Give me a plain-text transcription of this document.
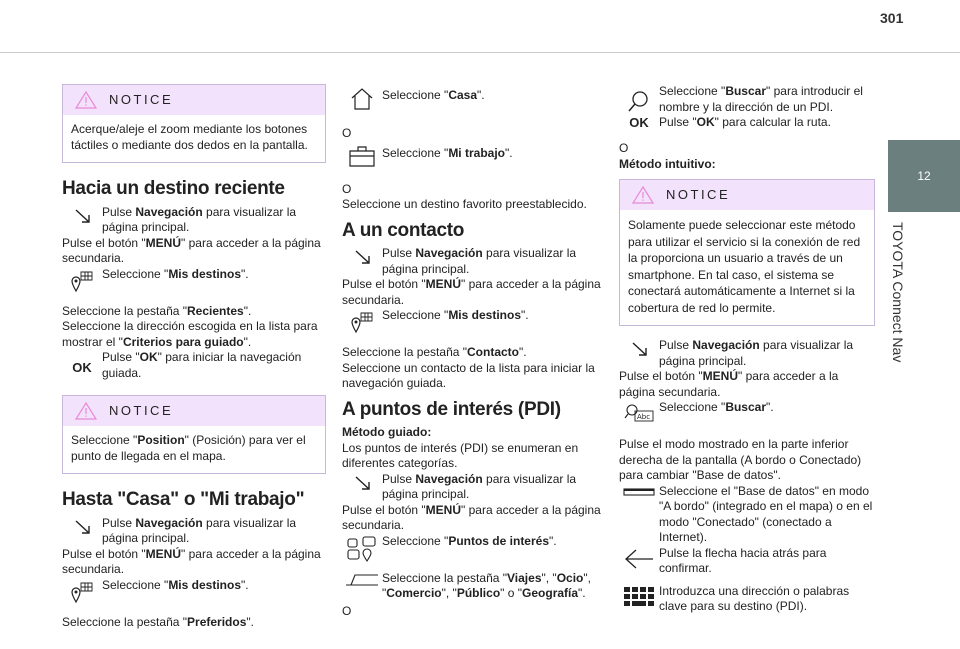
301
12
TOYOTA Connect Nav
NOTICE
Acerque/aleje el zoom mediante los botones táctiles o mediante dos dedos en la pantalla.
Hacia un destino reciente

Pulse Navegación para visualizar la página principal.

Pulse el botón "MENÚ" para acceder a la página secundaria.

Seleccione "Mis destinos".

Seleccione la pestaña "Recientes".

Seleccione la dirección escogida en la lista para mostrar el "Criterios para guiado".

OK

Pulse "OK" para iniciar la navegación guiada.

NOTICE
Seleccione "Position" (Posición) para ver el punto de llegada en el mapa.
Hasta "Casa" o "Mi trabajo"

Pulse Navegación para visualizar la página principal.

Pulse el botón "MENÚ" para acceder a la página secundaria.

Seleccione "Mis destinos".

Seleccione la pestaña "Preferidos".

Seleccione "Casa".

O

Seleccione "Mi trabajo".

O

Seleccione un destino favorito preestablecido.

A un contacto

Pulse Navegación para visualizar la página principal.

Pulse el botón "MENÚ" para acceder a la página secundaria.

Seleccione "Mis destinos".

Seleccione la pestaña "Contacto".

Seleccione un contacto de la lista para iniciar la navegación guiada.

A puntos de interés (PDI)

Método guiado:

Los puntos de interés (PDI) se enumeran en diferentes categorías.

Pulse Navegación para visualizar la página principal.

Pulse el botón "MENÚ" para acceder a la página secundaria.

Seleccione "Puntos de interés".

Seleccione la pestaña "Viajes", "Ocio", "Comercio", "Público" o "Geografía".

O

OK

Seleccione "Buscar" para introducir el nombre y la dirección de un PDI.

Pulse "OK" para calcular la ruta.

O

Método intuitivo:

NOTICE
Solamente puede seleccionar este método para utilizar el servicio si la conexión de red la proporciona un usuario a través de un smartphone. En tal caso, el sistema se conectará automáticamente a Internet si la cobertura de red lo permite.

Pulse Navegación para visualizar la página principal.

Pulse el botón "MENÚ" para acceder a la página secundaria.

Abc

Seleccione "Buscar".

Pulse el modo mostrado en la parte inferior derecha de la pantalla (A bordo o Conectado) para cambiar "Base de datos".

Seleccione el "Base de datos" en modo "A bordo" (integrado en el mapa) o en el modo "Conectado" (conectado a Internet).

Pulse la flecha hacia atrás para confirmar.

Introduzca una dirección o palabras clave para su destino (PDI).
